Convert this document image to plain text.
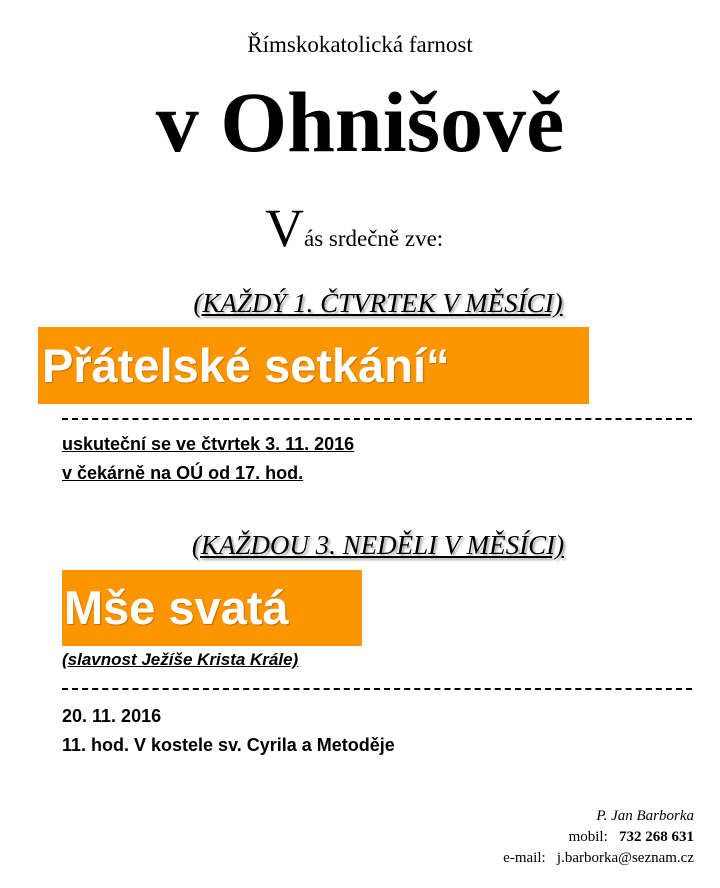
Římskokatolická farnost
v Ohnišově
Vás srdečně zve:
(KAŽDÝ 1. ČTVRTEK V MĚSÍCI)
Přátelské setkání“
uskuteční se ve čtvrtek 3. 11. 2016
v čekárně na OÚ od 17. hod.
(KAŽDOU 3. NEDĚLI V MĚSÍCI)
Mše svatá
(slavnost Ježíše Krista Krále)
20. 11. 2016
11. hod. V kostele sv. Cyrila a Metoděje
P. Jan Barborka
mobil: 732 268 631
e-mail: j.barborka@seznam.cz
